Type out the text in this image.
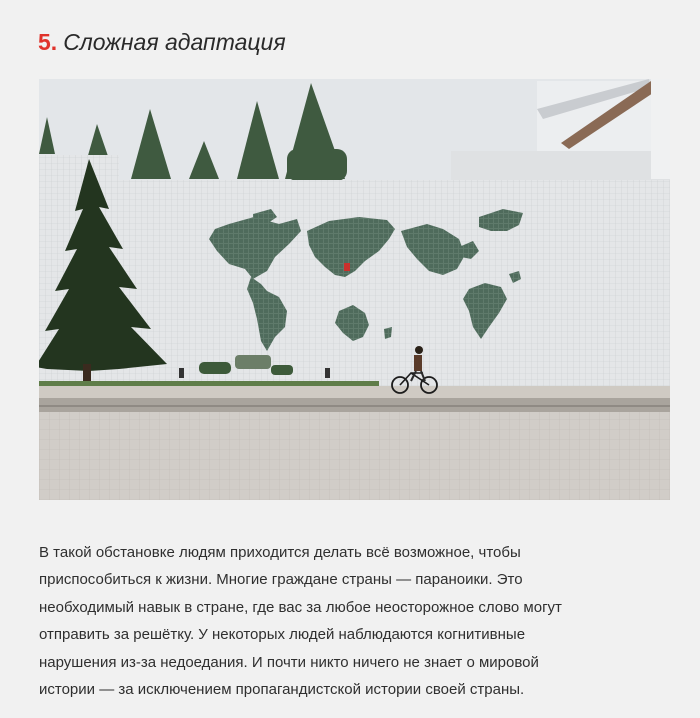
5. Сложная адаптация

В такой обстановке людям приходится делать всё возможное, чтобы
приспособиться к жизни. Многие граждане страны — параноики. Это
необходимый навык в стране, где вас за любое неосторожное слово могут
отправить за решётку. У некоторых людей наблюдаются когнитивные
нарушения из-за недоедания. И почти никто ничего не знает о мировой
истории — за исключением пропагандистской истории своей страны.
